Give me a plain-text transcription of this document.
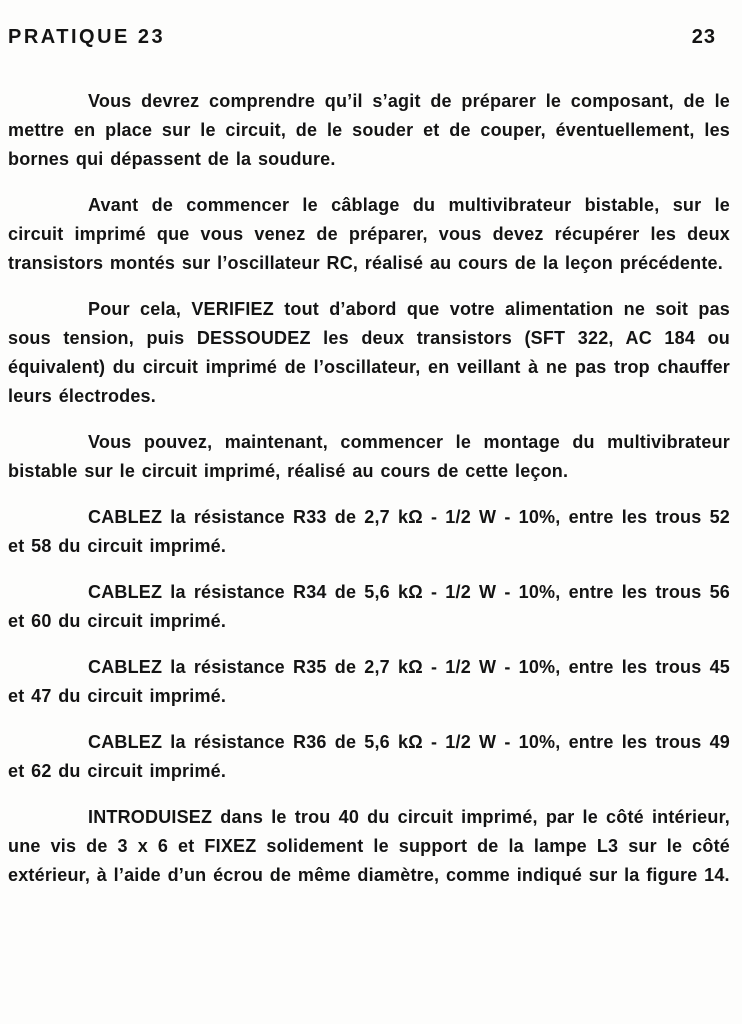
PRATIQUE 23	23

Vous devrez comprendre qu’il s’agit de préparer le composant, de le mettre en place sur le circuit, de le souder et de couper, éventuellement, les bornes qui dépassent de la soudure.

Avant de commencer le câblage du multivibrateur bistable, sur le circuit imprimé que vous venez de préparer, vous devez récupérer les deux transistors montés sur l’oscillateur RC, réalisé au cours de la leçon précédente.

Pour cela, VERIFIEZ tout d’abord que votre alimentation ne soit pas sous tension, puis DESSOUDEZ les deux transistors (SFT 322, AC 184 ou équivalent) du circuit imprimé de l’oscillateur, en veillant à ne pas trop chauffer leurs électrodes.

Vous pouvez, maintenant, commencer le montage du multivibrateur bistable sur le circuit imprimé, réalisé au cours de cette leçon.

CABLEZ la résistance R33 de 2,7 kΩ - 1/2 W - 10%, entre les trous 52 et 58 du circuit imprimé.

CABLEZ la résistance R34 de 5,6 kΩ - 1/2 W - 10%, entre les trous 56 et 60 du circuit imprimé.

CABLEZ la résistance R35 de 2,7 kΩ - 1/2 W - 10%, entre les trous 45 et 47 du circuit imprimé.

CABLEZ la résistance R36 de 5,6 kΩ - 1/2 W - 10%, entre les trous 49 et 62 du circuit imprimé.

INTRODUISEZ dans le trou 40 du circuit imprimé, par le côté intérieur, une vis de 3 x 6 et FIXEZ solidement le support de la lampe L3 sur le côté extérieur, à l’aide d’un écrou de même diamètre, comme indiqué sur la figure 14.
